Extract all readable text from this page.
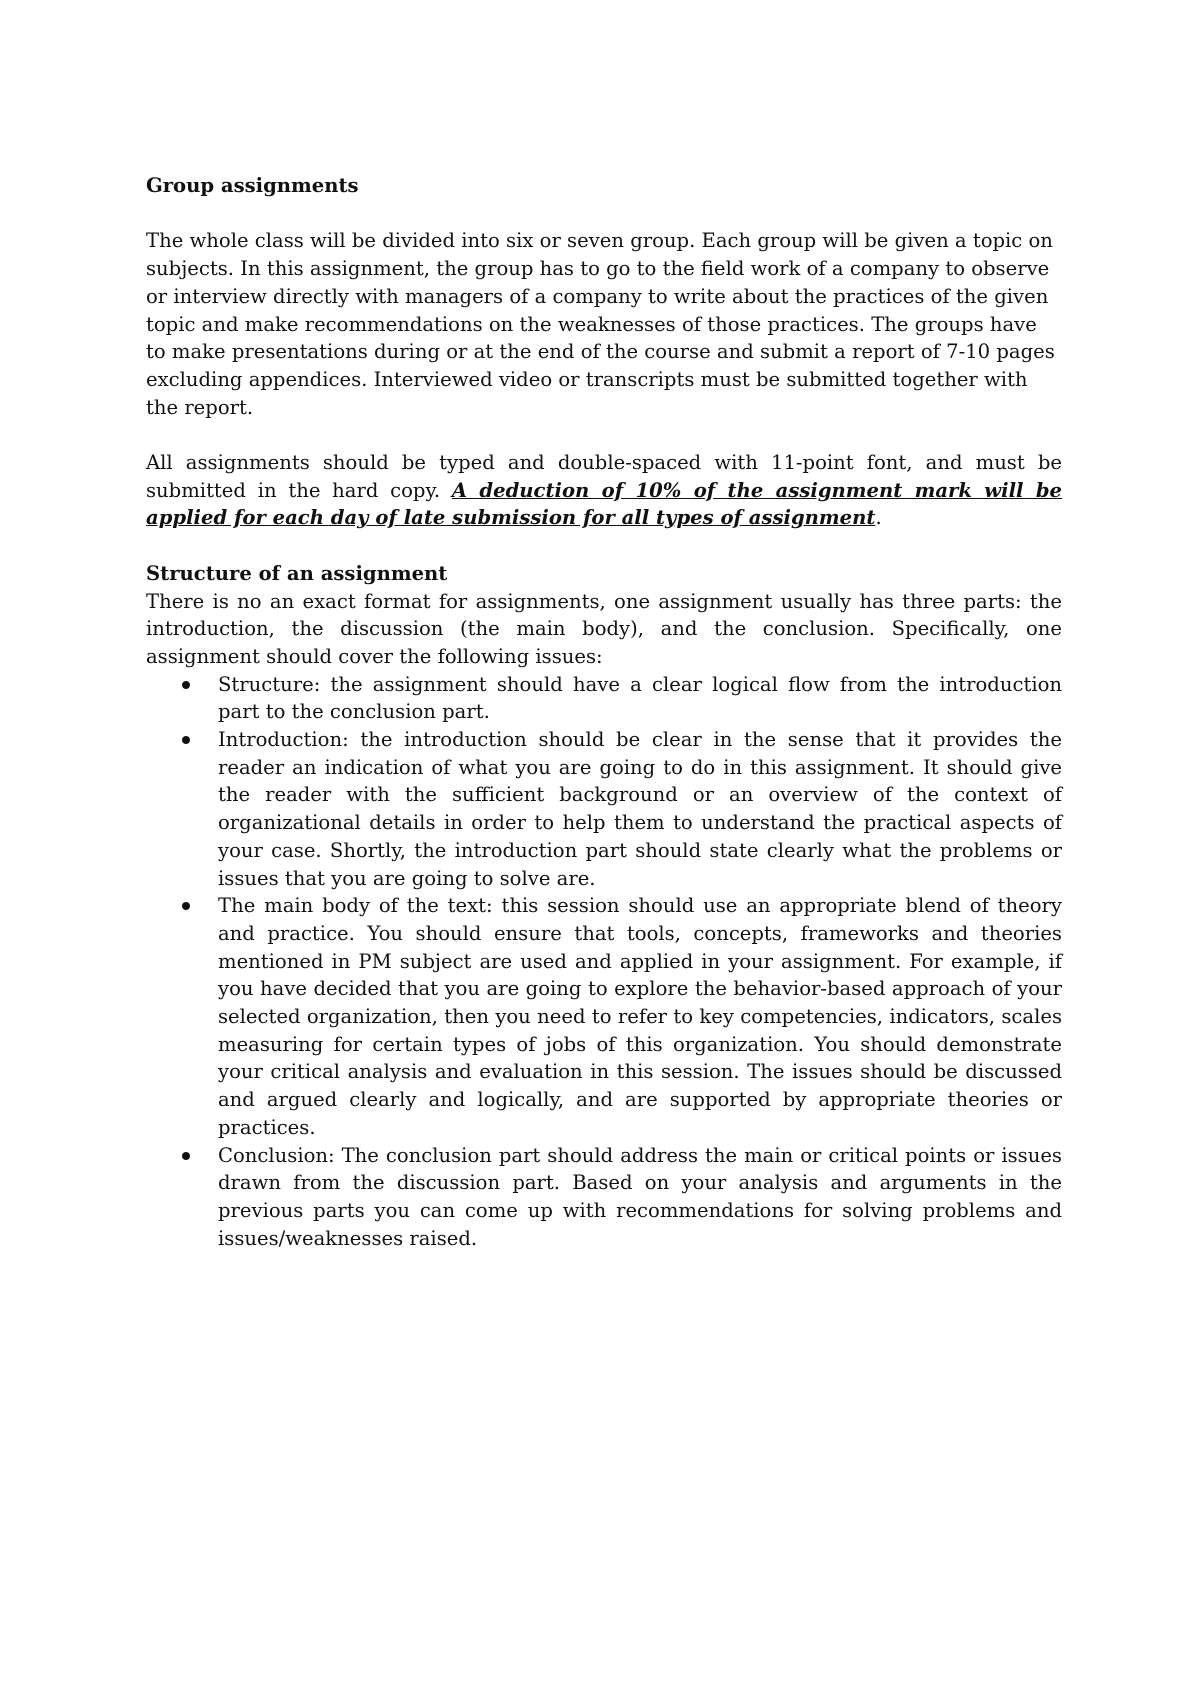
Group assignments

The whole class will be divided into six or seven group. Each group will be given a topic on subjects. In this assignment, the group has to go to the field work of a company to observe or interview directly with managers of a company to write about the practices of the given topic and make recommendations on the weaknesses of those practices. The groups have to make presentations during or at the end of the course and submit a report of 7-10 pages excluding appendices. Interviewed video or transcripts must be submitted together with the report.

All assignments should be typed and double-spaced with 11-point font, and must be submitted in the hard copy. A deduction of 10% of the assignment mark will be applied for each day of late submission for all types of assignment.

Structure of an assignment

There is no an exact format for assignments, one assignment usually has three parts: the introduction, the discussion (the main body), and the conclusion. Specifically, one assignment should cover the following issues:

Structure: the assignment should have a clear logical flow from the introduction part to the conclusion part.
Introduction: the introduction should be clear in the sense that it provides the reader an indication of what you are going to do in this assignment. It should give the reader with the sufficient background or an overview of the context of organizational details in order to help them to understand the practical aspects of your case. Shortly, the introduction part should state clearly what the problems or issues that you are going to solve are.
The main body of the text: this session should use an appropriate blend of theory and practice. You should ensure that tools, concepts, frameworks and theories mentioned in PM subject are used and applied in your assignment. For example, if you have decided that you are going to explore the behavior-based approach of your selected organization, then you need to refer to key competencies, indicators, scales measuring for certain types of jobs of this organization. You should demonstrate your critical analysis and evaluation in this session. The issues should be discussed and argued clearly and logically, and are supported by appropriate theories or practices.
Conclusion: The conclusion part should address the main or critical points or issues drawn from the discussion part. Based on your analysis and arguments in the previous parts you can come up with recommendations for solving problems and issues/weaknesses raised.
